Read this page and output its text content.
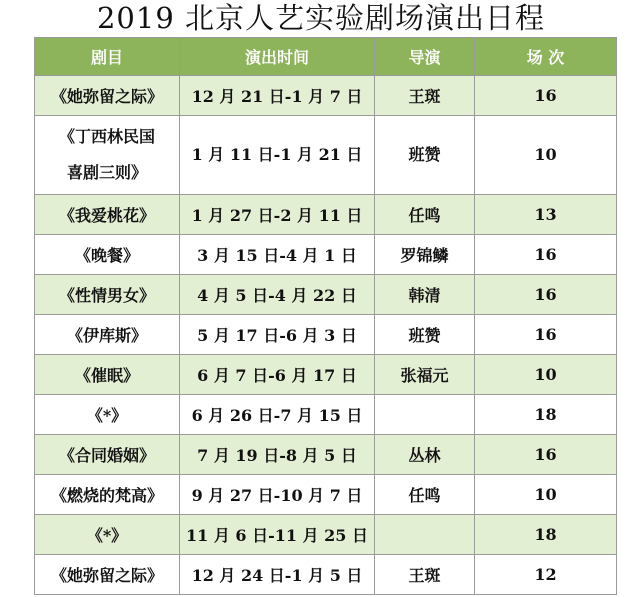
2019 北京人艺实验剧场演出日程
剧目	演出时间	导演	场 次
《她弥留之际》	12 月 21 日-1 月 7 日	王斑	16
《丁西林民国
喜剧三则》	1 月 11 日-1 月 21 日	班赞	10
《我爱桃花》	1 月 27 日-2 月 11 日	任鸣	13
《晚餐》	3 月 15 日-4 月 1 日	罗锦鳞	16
《性情男女》	4 月 5 日-4 月 22 日	韩清	16
《伊库斯》	5 月 17 日-6 月 3 日	班赞	16
《催眠》	6 月 7 日-6 月 17 日	张福元	10
《*》	6 月 26 日-7 月 15 日		18
《合同婚姻》	7 月 19 日-8 月 5 日	丛林	16
《燃烧的梵高》	9 月 27 日-10 月 7 日	任鸣	10
《*》	11 月 6 日-11 月 25 日		18
《她弥留之际》	12 月 24 日-1 月 5 日	王斑	12
